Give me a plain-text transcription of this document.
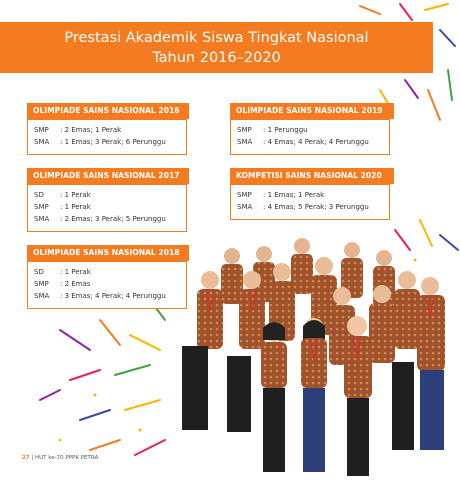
Prestasi Akademik Siswa Tingkat Nasional
Tahun 2016–2020
OLIMPIADE SAINS NASIONAL 2016
SMP : 2 Emas; 1 Perak
SMA : 1 Emas; 3 Perak; 6 Perunggu
OLIMPIADE SAINS NASIONAL 2019
SMP : 1 Perunggu
SMA : 4 Emas; 4 Perak; 4 Perunggu
OLIMPIADE SAINS NASIONAL 2017
SD : 1 Perak
SMP : 1 Perak
SMA : 2 Emas; 3 Perak; 5 Perunggu
KOMPETISI SAINS NASIONAL 2020
SMP : 1 Emas; 1 Perak
SMA : 4 Emas; 5 Perak; 3 Perunggu
OLIMPIADE SAINS NASIONAL 2018
SD : 1 Perak
SMP : 2 Emas
SMA : 3 Emas; 4 Perak; 4 Perunggu
27 | HUT ke-70 PPPK PETRA
